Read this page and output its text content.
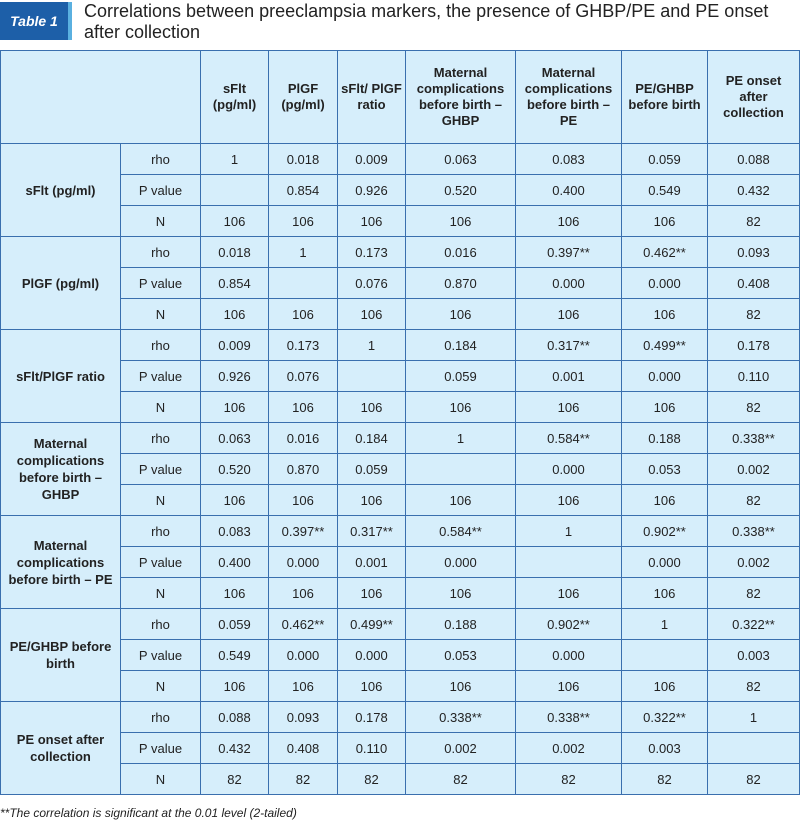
Table 1	Correlations between preeclampsia markers, the presence of GHBP/PE and PE onset after collection
		sFlt (pg/ml)	PlGF (pg/ml)	sFlt/ PlGF ratio	Maternal complications before birth – GHBP	Maternal complications before birth – PE	PE/GHBP before birth	PE onset after collection
sFlt (pg/ml)	rho	1	0.018	0.009	0.063	0.083	0.059	0.088
	P value		0.854	0.926	0.520	0.400	0.549	0.432
	N	106	106	106	106	106	106	82
PlGF (pg/ml)	rho	0.018	1	0.173	0.016	0.397**	0.462**	0.093
	P value	0.854		0.076	0.870	0.000	0.000	0.408
	N	106	106	106	106	106	106	82
sFlt/PlGF ratio	rho	0.009	0.173	1	0.184	0.317**	0.499**	0.178
	P value	0.926	0.076		0.059	0.001	0.000	0.110
	N	106	106	106	106	106	106	82
Maternal complications before birth – GHBP	rho	0.063	0.016	0.184	1	0.584**	0.188	0.338**
	P value	0.520	0.870	0.059		0.000	0.053	0.002
	N	106	106	106	106	106	106	82
Maternal complications before birth – PE	rho	0.083	0.397**	0.317**	0.584**	1	0.902**	0.338**
	P value	0.400	0.000	0.001	0.000		0.000	0.002
	N	106	106	106	106	106	106	82
PE/GHBP before birth	rho	0.059	0.462**	0.499**	0.188	0.902**	1	0.322**
	P value	0.549	0.000	0.000	0.053	0.000		0.003
	N	106	106	106	106	106	106	82
PE onset after collection	rho	0.088	0.093	0.178	0.338**	0.338**	0.322**	1
	P value	0.432	0.408	0.110	0.002	0.002	0.003	
	N	82	82	82	82	82	82	82
**The correlation is significant at the 0.01 level (2-tailed)
